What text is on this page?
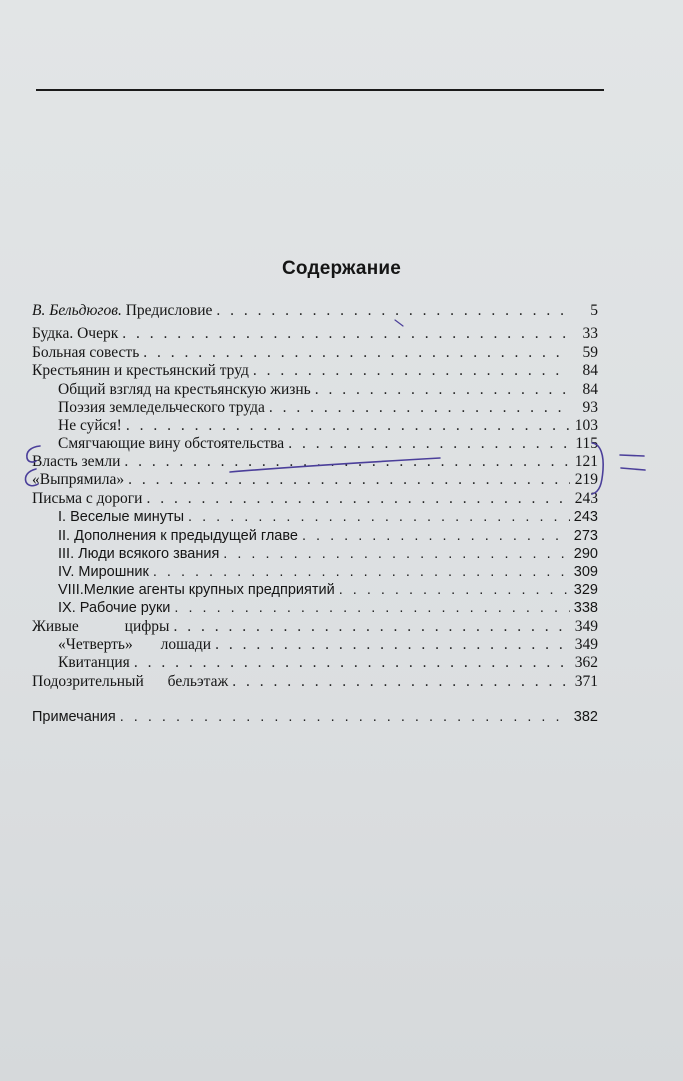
Содержание
В. Бельдюгов. Предисловие . . .	5
Будка. Очерк . . .	33
Больная совесть . . .	59
Крестьянин и крестьянский труд . . .	84
Общий взгляд на крестьянскую жизнь . . .	84
Поэзия земледельческого труда . . .	93
Не суйся! . . .	103
Смягчающие вину обстоятельства . . .	115
Власть земли . . .	121
«Выпрямила» . . .	219
Письма с дороги . . .	243
I. Веселые минуты . . .	243
II. Дополнения к предыдущей главе . . .	273
III. Люди всякого звания . . .	290
IV. Мирошник . . .	309
VIII.Мелкие агенты крупных предприятий . . .	329
IX. Рабочие руки . . .	338
Живые цифры . . .	349
«Четверть» лошади . . .	349
Квитанция . . .	362
Подозрительный бельэтаж . . .	371
Примечания . . .	382
